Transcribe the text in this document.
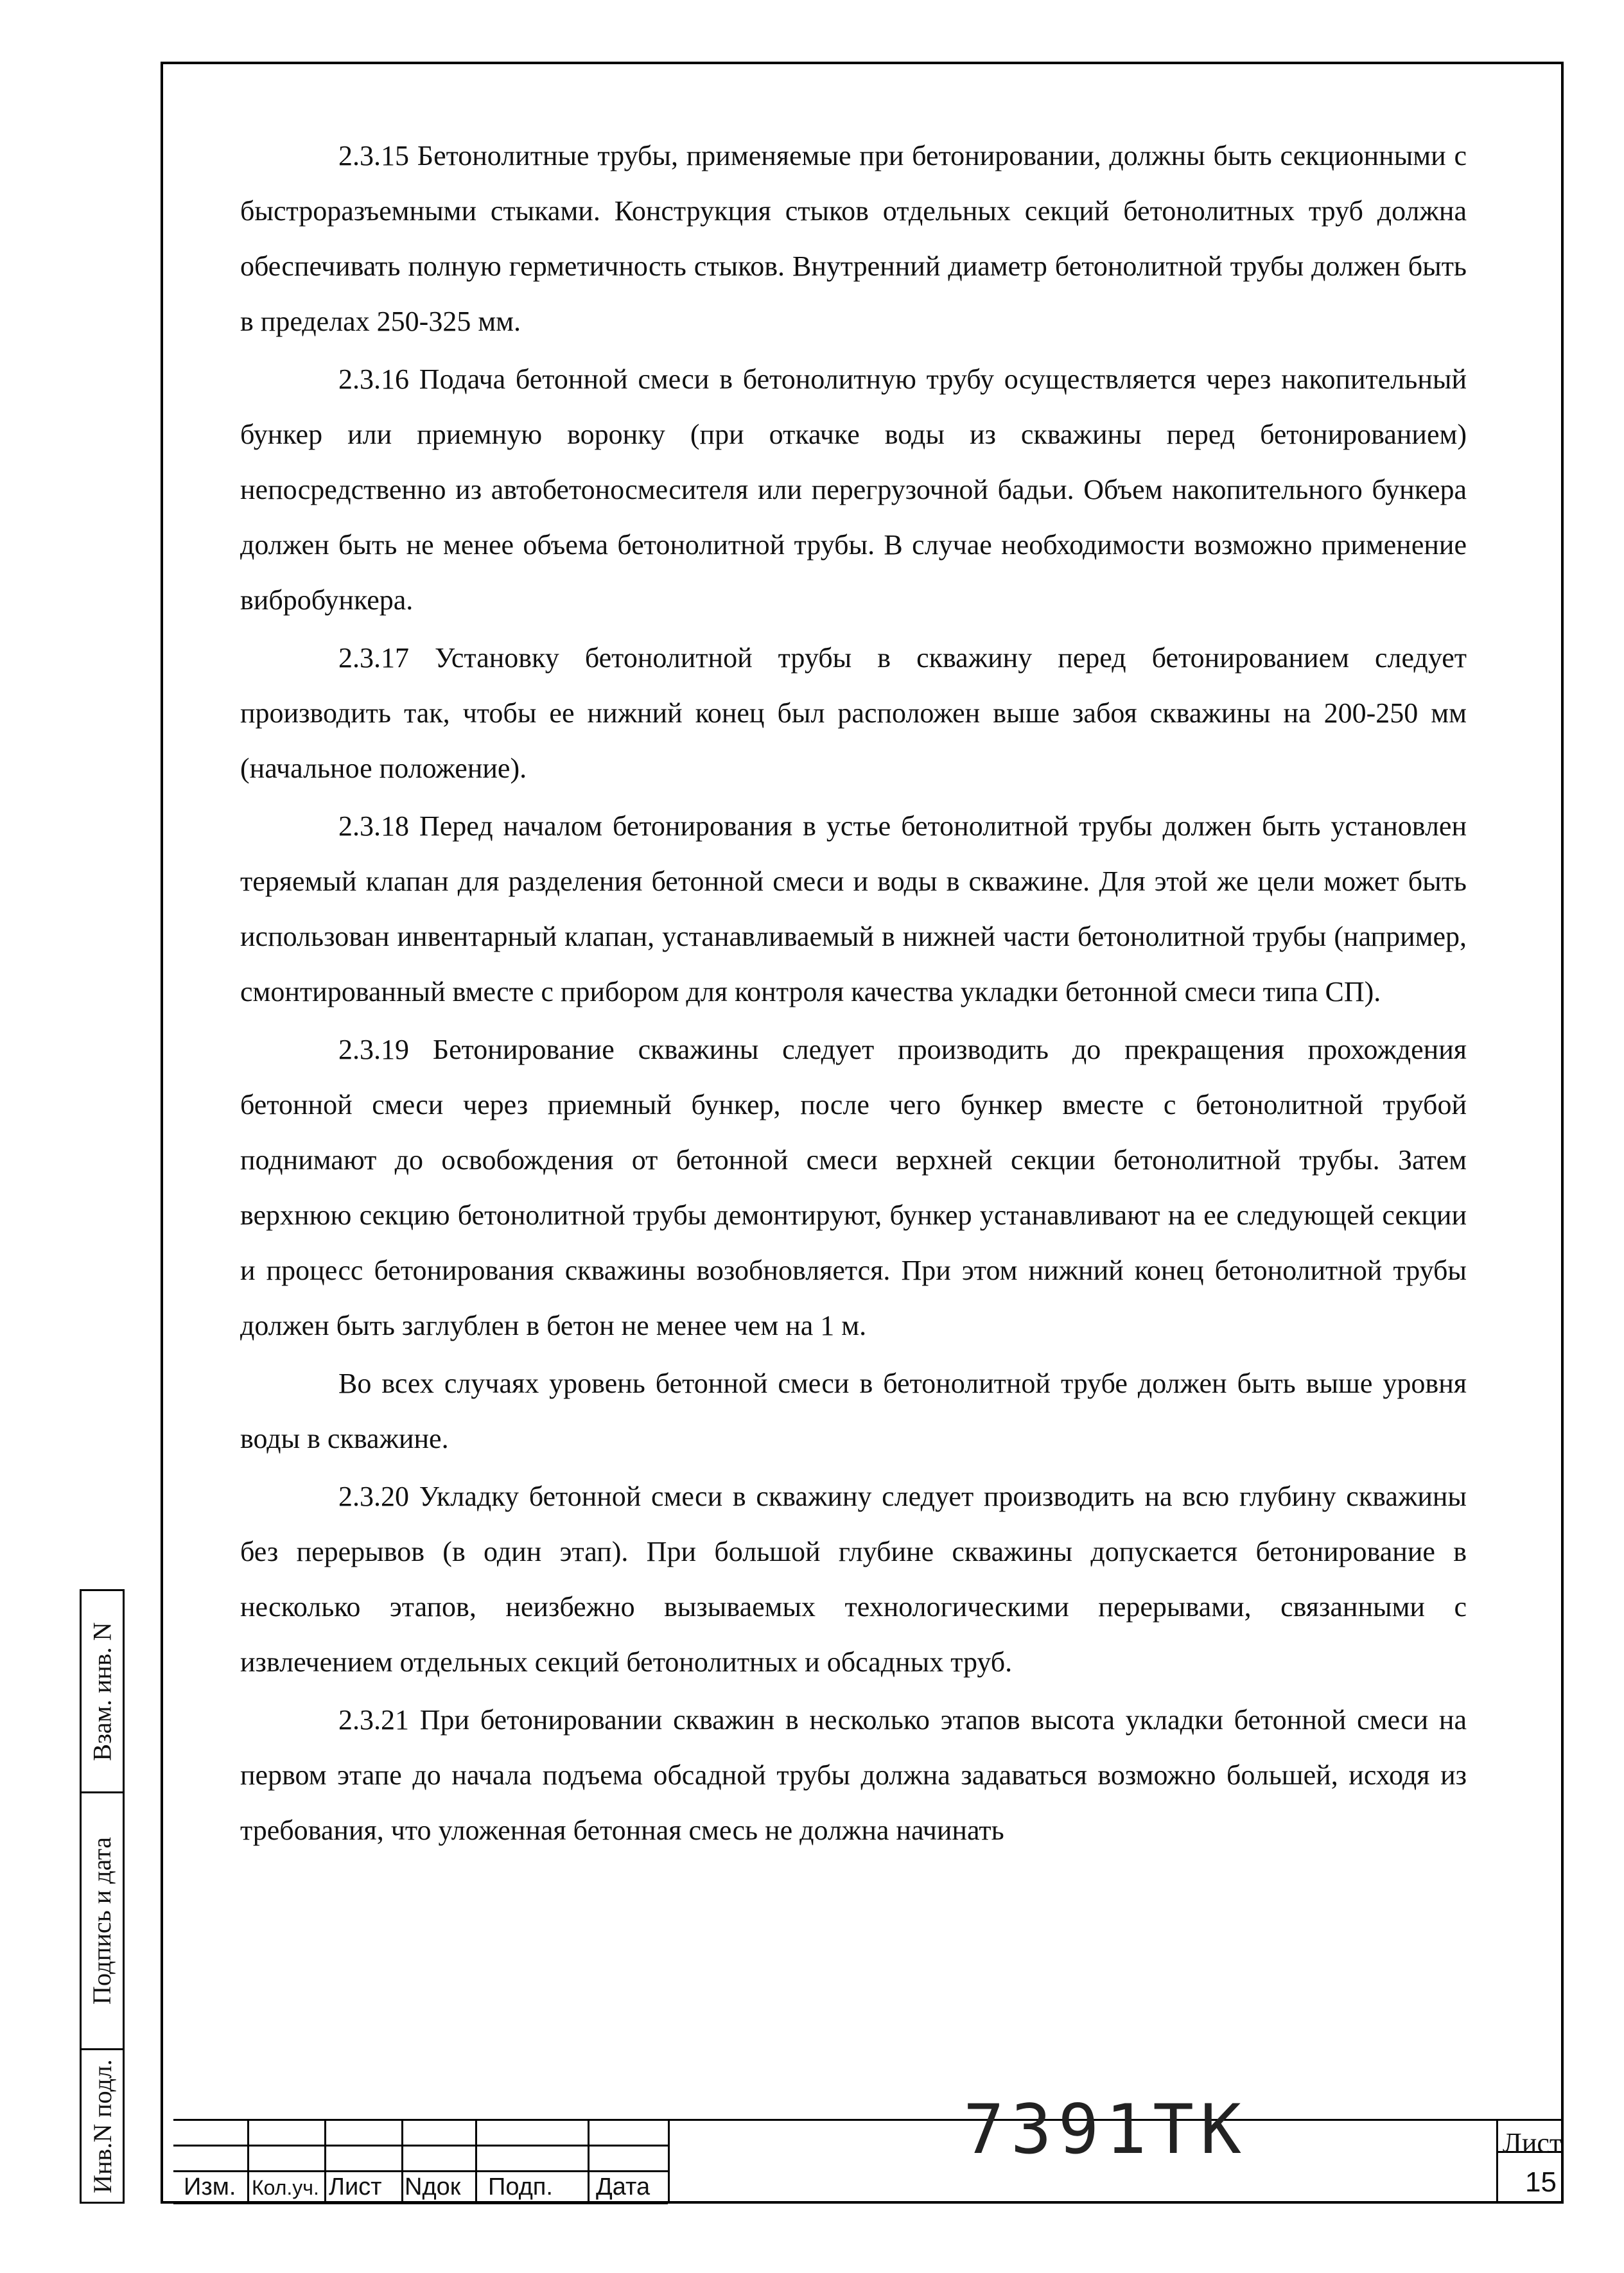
2.3.15 Бетонолитные трубы, применяемые при бетонировании, должны быть секционными с быстроразъемными стыками. Конструкция стыков отдельных секций бетонолитных труб должна обеспечивать полную герметичность стыков. Внутренний диаметр бетонолитной трубы должен быть в пределах 250-325 мм.

2.3.16 Подача бетонной смеси в бетонолитную трубу осуществляется через накопительный бункер или приемную воронку (при откачке воды из скважины перед бетонированием) непосредственно из автобетоносмесителя или перегрузочной бадьи. Объем накопительного бункера должен быть не менее объема бетонолитной трубы. В случае необходимости возможно применение вибробункера.

2.3.17 Установку бетонолитной трубы в скважину перед бетонированием следует производить так, чтобы ее нижний конец был расположен выше забоя скважины на 200-250 мм (начальное положение).

2.3.18 Перед началом бетонирования в устье бетонолитной трубы должен быть установлен теряемый клапан для разделения бетонной смеси и воды в скважине. Для этой же цели может быть использован инвентарный клапан, устанавливаемый в нижней части бетонолитной трубы (например, смонтированный вместе с прибором для контроля качества укладки бетонной смеси типа СП).

2.3.19 Бетонирование скважины следует производить до прекращения прохождения бетонной смеси через приемный бункер, после чего бункер вместе с бетонолитной трубой поднимают до освобождения от бетонной смеси верхней секции бетонолитной трубы. Затем верхнюю секцию бетонолитной трубы демонтируют, бункер устанавливают на ее следующей секции и процесс бетонирования скважины возобновляется. При этом нижний конец бетонолитной трубы должен быть заглублен в бетон не менее чем на 1 м.

Во всех случаях уровень бетонной смеси в бетонолитной трубе должен быть выше уровня воды в скважине.

2.3.20 Укладку бетонной смеси в скважину следует производить на всю глубину скважины без перерывов (в один этап). При большой глубине скважины допускается бетонирование в несколько этапов, неизбежно вызываемых технологическими перерывами, связанными с извлечением отдельных секций бетонолитных и обсадных труб.

2.3.21 При бетонировании скважин в несколько этапов высота укладки бетонной смеси на первом этапе до начала подъема обсадной трубы должна задаваться возможно большей, исходя из требования, что уложенная бетонная смесь не должна начинать

Взам. инв. N
Подпись и дата
Инв.N подл.	Изм. Кол.уч. Лист Nдок Подп. Дата
7391ТК	Лист
15
